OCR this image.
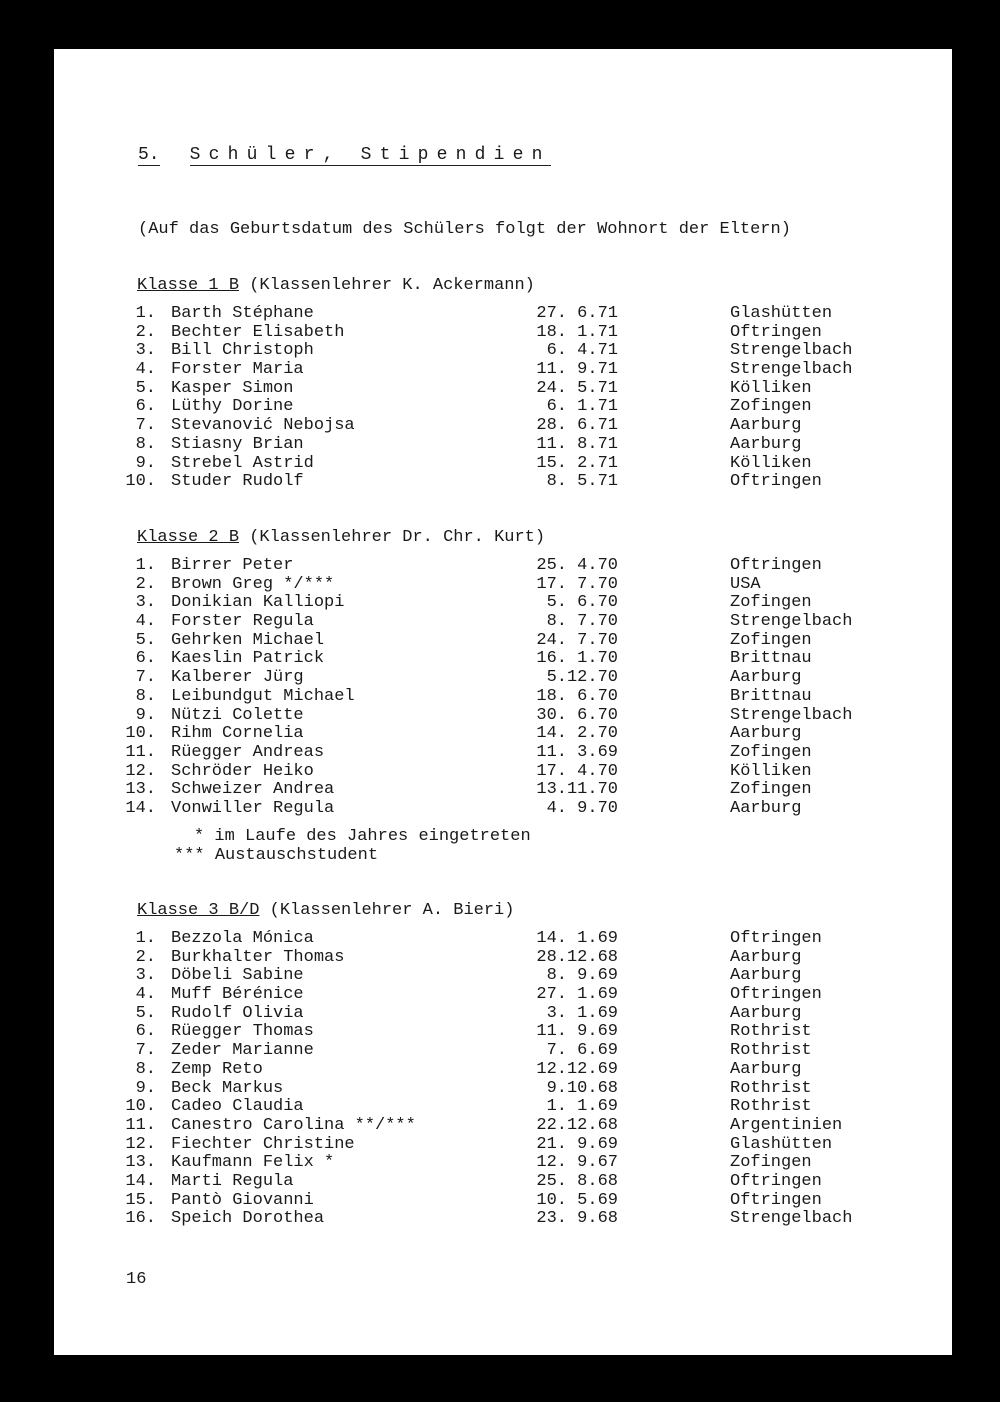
5. Schüler, Stipendien
(Auf das Geburtsdatum des Schülers folgt der Wohnort der Eltern)
Klasse 1 B (Klassenlehrer K. Ackermann)
1. Barth Stéphane	27. 6.71	Glashütten
2. Bechter Elisabeth	18. 1.71	Oftringen
3. Bill Christoph	6. 4.71	Strengelbach
4. Forster Maria	11. 9.71	Strengelbach
5. Kasper Simon	24. 5.71	Kölliken
6. Lüthy Dorine	6. 1.71	Zofingen
7. Stevanović Nebojsa	28. 6.71	Aarburg
8. Stiasny Brian	11. 8.71	Aarburg
9. Strebel Astrid	15. 2.71	Kölliken
10. Studer Rudolf	8. 5.71	Oftringen
Klasse 2 B (Klassenlehrer Dr. Chr. Kurt)
1. Birrer Peter	25. 4.70	Oftringen
2. Brown Greg */***	17. 7.70	USA
3. Donikian Kalliopi	5. 6.70	Zofingen
4. Forster Regula	8. 7.70	Strengelbach
5. Gehrken Michael	24. 7.70	Zofingen
6. Kaeslin Patrick	16. 1.70	Brittnau
7. Kalberer Jürg	5.12.70	Aarburg
8. Leibundgut Michael	18. 6.70	Brittnau
9. Nützi Colette	30. 6.70	Strengelbach
10. Rihm Cornelia	14. 2.70	Aarburg
11. Rüegger Andreas	11. 3.69	Zofingen
12. Schröder Heiko	17. 4.70	Kölliken
13. Schweizer Andrea	13.11.70	Zofingen
14. Vonwiller Regula	4. 9.70	Aarburg
* im Laufe des Jahres eingetreten
*** Austauschstudent
Klasse 3 B/D (Klassenlehrer A. Bieri)
1. Bezzola Mónica	14. 1.69	Oftringen
2. Burkhalter Thomas	28.12.68	Aarburg
3. Döbeli Sabine	8. 9.69	Aarburg
4. Muff Bérénice	27. 1.69	Oftringen
5. Rudolf Olivia	3. 1.69	Aarburg
6. Rüegger Thomas	11. 9.69	Rothrist
7. Zeder Marianne	7. 6.69	Rothrist
8. Zemp Reto	12.12.69	Aarburg
9. Beck Markus	9.10.68	Rothrist
10. Cadeo Claudia	1. 1.69	Rothrist
11. Canestro Carolina **/***	22.12.68	Argentinien
12. Fiechter Christine	21. 9.69	Glashütten
13. Kaufmann Felix *	12. 9.67	Zofingen
14. Marti Regula	25. 8.68	Oftringen
15. Pantò Giovanni	10. 5.69	Oftringen
16. Speich Dorothea	23. 9.68	Strengelbach
16
